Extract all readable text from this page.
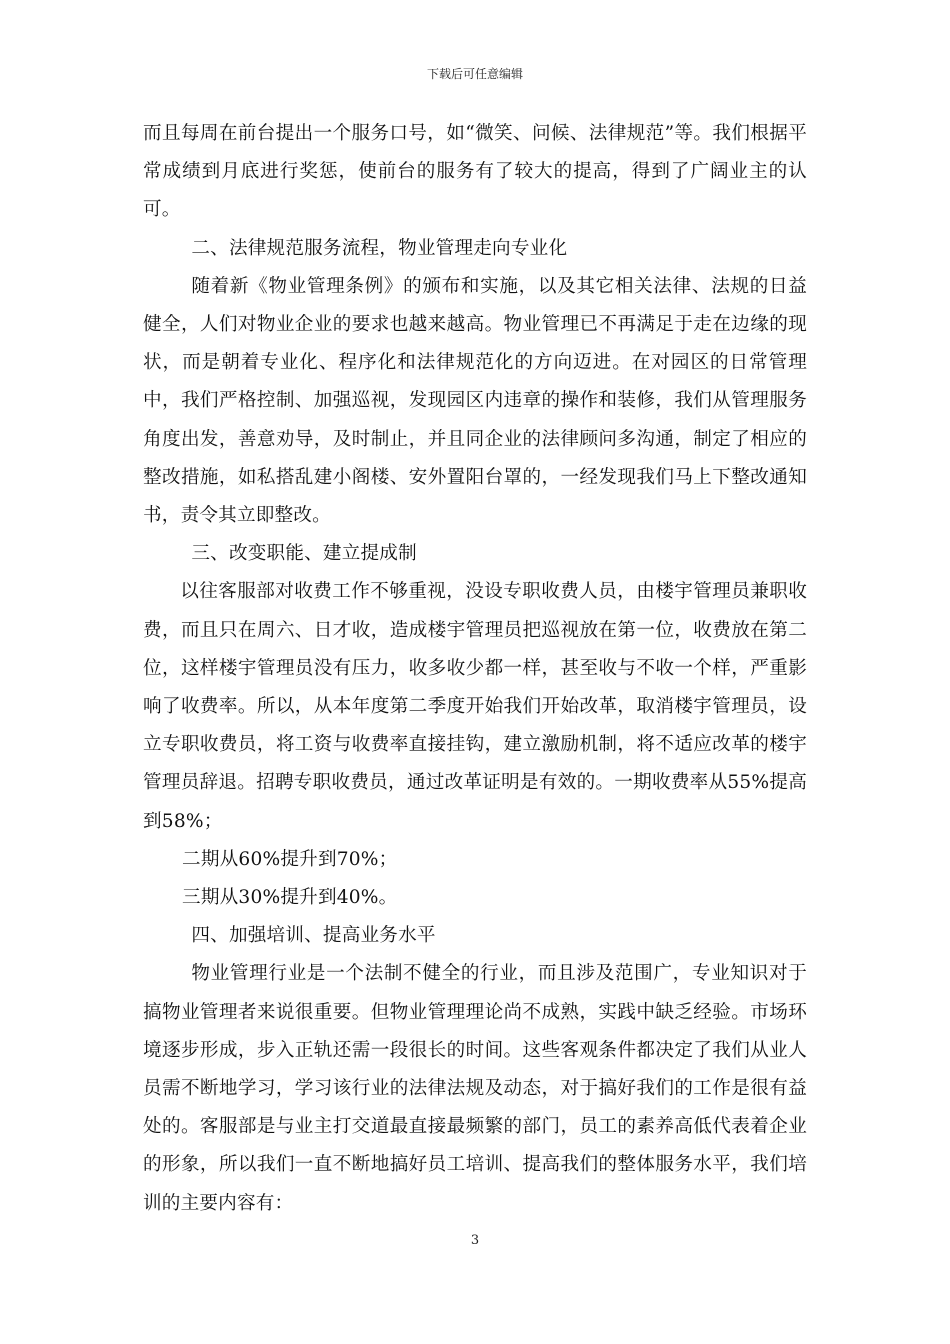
下载后可任意编辑

而且每周在前台提出一个服务口号，如“微笑、问候、法律规范”等。我们根据平常成绩到月底进行奖惩，使前台的服务有了较大的提高，得到了广阔业主的认可。

二、法律规范服务流程，物业管理走向专业化

随着新《物业管理条例》的颁布和实施，以及其它相关法律、法规的日益健全，人们对物业企业的要求也越来越高。物业管理已不再满足于走在边缘的现状，而是朝着专业化、程序化和法律规范化的方向迈进。在对园区的日常管理中，我们严格控制、加强巡视，发现园区内违章的操作和装修，我们从管理服务角度出发，善意劝导，及时制止，并且同企业的法律顾问多沟通，制定了相应的整改措施，如私搭乱建小阁楼、安外置阳台罩的，一经发现我们马上下整改通知书，责令其立即整改。

三、改变职能、建立提成制

以往客服部对收费工作不够重视，没设专职收费人员，由楼宇管理员兼职收费，而且只在周六、日才收，造成楼宇管理员把巡视放在第一位，收费放在第二位，这样楼宇管理员没有压力，收多收少都一样，甚至收与不收一个样，严重影响了收费率。所以，从本年度第二季度开始我们开始改革，取消楼宇管理员，设立专职收费员，将工资与收费率直接挂钩，建立激励机制，将不适应改革的楼宇管理员辞退。招聘专职收费员，通过改革证明是有效的。一期收费率从55%提高到58%；

二期从60%提升到70%；

三期从30%提升到40%。

四、加强培训、提高业务水平

物业管理行业是一个法制不健全的行业，而且涉及范围广，专业知识对于搞物业管理者来说很重要。但物业管理理论尚不成熟，实践中缺乏经验。市场环境逐步形成，步入正轨还需一段很长的时间。这些客观条件都决定了我们从业人员需不断地学习，学习该行业的法律法规及动态，对于搞好我们的工作是很有益处的。客服部是与业主打交道最直接最频繁的部门，员工的素养高低代表着企业的形象，所以我们一直不断地搞好员工培训、提高我们的整体服务水平，我们培训的主要内容有：

3
